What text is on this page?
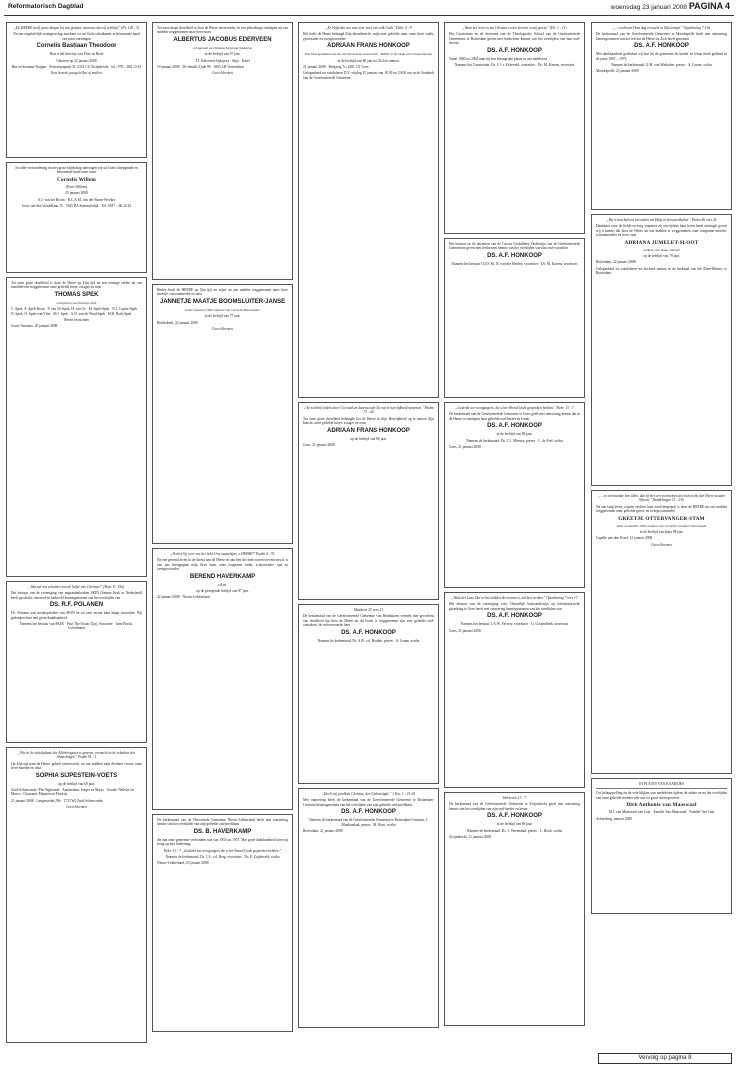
Reformatorisch Dagblad	woensdag 23 januari 2008 PAGINA 4

„De HEERE heeft grote dingen bij ons gedaan; daarom zijn wij verblijd." (Ps. 126 : 3)

Na een ongelofelijk zwangerschap mochten we uit Gods schatkamer in bewarende hand een zoon ontvangen

Cornelis Bastiaan Theodoor

Bart is het broertje van Elise en René

Geboren op 22 januari 2008

Bas en Suzanne Kuijper · Prinsessenpark 31, 3331 CZ Zwijndrecht · tel.: 078 – 682 13 81

Voor bezoek graag bellen of mailen.

In stille verwondering en met grote blijdschap ontvingen wij uit Gods scheppende en bewarende hand onze zoon

Cornelis Willem

(Kees Willem)

25 januari 2008

A.J. van der Boom · B.C.A.M. van der Boom-Preeker

Joost van den Vondellaan 15 · 3345 BA Sommelsdijk · Tel. 0187 – 66 32 42

Tot onze grote droefheid is door de Heere op Zijn tijd na een ernstige ziekte uit ons familieleven weggenomen onze geliefde broer, zwager en oom

THOMAS SPEK

echtgenoot van Pieuntje Slob

C. Spek, A. Spek-Boon · P. van Os-Spek, H. van Os · M. Spek-Spek · N.J. Copier-Spek · N. Spek, N. Spek-van Vliet · M.J. Spek · A.N. van de Wind-Spek · H.H. Both-Spek

Neven en nichten

Groot-Ammers, 20 januari 2008

„Wat zal ons scheiden van de liefde van Christus?" (Rom. 8 : 35a)

Het bestuur van de vereniging van migrantenkerken SKIN (Samen Kerk in Nederland) heeft geschokt, ontroerd en bedroefd kennisgenomen van het overlijden van

DS. R.F. POLANEN

Ds. Polanen was medeoprichter van SKIN en tot zeer recent haar lange voorzitter. Wij gedenken hem met grote dankbaarheid.

Namens het bestuur van SKIN · Paul The Owan Tjaij, Voorzitter · June Bocks, Coördinator

„Wie in de schuilplaats des Allerhoogsten is gezeten, vernacht in de schaduw des Almachtigen." Psalm 91 : 1

Op Zijn tijd nam de Heere, geheel onverwacht, uit ons midden mijn dierbare vrouw, onze lieve moeder en oma

SOPHIA SIJPESTEIN-VOETS

op de leeftijd van 68 jaar.

Zuid-Scharwoude: Piet Sijpestein · Amsterdam: Sieger en Marja · Gouda: Nelleke en Marco · Oostzaan: Maarten en Floortje

21 januari 2008 · Langeweide 29b · 1723 WJ Zuid-Scharwoude

Geen bloemen

Tot onze diepe droefheid is door de Heere onverwacht, in een plotselinge ontslapen uit ons midden weggenomen onze lieve man

ALBERTUS JACOBUS EDERVEEN

echtgenoot van Tatjana Ivanovna Sjalajeva

in de leeftijd van 57 jaar.

T.I. Ederveen-Sjalajeva · Anja · Karel

19 januari 2008 · De Smalle Zijde 88 · 3903 LR Veenendaal

Geen bloemen

Heden heeft de HEERE op Zijn tijd en wijze uit ons midden weggenomen onze lieve moeder, schoonmoeder en oma

JANNETJE MAATJE BOOMSLUITER-JANSE

sinds 9 januari 1969 weduwe van Cornelis Boomsluiter

in de leeftijd van 77 jaar.

Ridderkerk, 22 januari 2008

Geen bloemen

„Verhef Gij over ons het licht Uws aanschijns, o HEERE!" Psalm 4 : 7b

Na een gevend leven in de dienst aan de Heere en aan hen die hem waren toevertrouwd, is van ons heengegaan mijn lieve man, onze zorgzame vader, schoonvader, opa en overgrootvader

BEREND HAVERKAMP

v.d.m.

op de gezegende leeftijd van 87 jaar.

22 januari 2008 · Nieuw-Lekkerland

De kerkenraad van de Hervormde Gemeente Nieuw-Lekkerland heeft met ontroering kennis van het overlijden van zijn geliefde oud-predikant

DS. B. HAVERKAMP

die aan onze gemeente verbonden was van 1953 tot 1957. Met grote dankbaarheid zien wij terug op zijn bediening.

Hebr. 13 : 7 „Gedenkt uw voorgangers die u het Woord Gods gesproken hebben."

Namens de kerkenraad, Ds. J.A. v.d. Berg, voorzitter · Ds. P. Zuijdeveld, scriba

Nieuw-Lekkerland, 23 januari 2008

„Er blijft dan een rust over voor het volk Gods." Hebr. 4 : 9

Het heeft de Heere behaagd Zijn dienstknecht, mijn zeer geliefde man, onze lieve vader, grootvader en overgrootvader

ADRIAAN FRANS HONKOOP

Emeritus predikant van de Gereformeerde Gemeenten · Ridder in de Orde van Oranje-Nassau

in de leeftijd van 86 jaar tot Zich te nemen.

21 januari 2008 · Bergweg 7c, 4461 LX Goes

Gelegenheid tot condoleren D.V. vrijdag 25 januari van 18.30 tot 20.00 uur in de Sionkerk van de Gereformeerde Gemeente.

„Op zeld mij leiden door Uw raad en daarna zult Gij mij in heerlijkheid opnemen." Psalm 73 : 24

Tot onze grote droefheid behaagde het de Heere in Zijn Heerlijkheid op te nemen Zijn knecht, onze geliefde broer, zwager en oom

ADRIAAN FRANS HONKOOP

op de leeftijd van 86 jaar.

Goes, 21 januari 2008

Mattheüs 25 vers 21

De kerkenraad van de Gereformeerde Gemeente van Benthuizen vermelt met gevoelens van droefheid dat door de Heere uit dit leven is weggenomen zijn zeer geliefde oud-consulent, de welverwaarde heer

DS. A.F. HONKOOP

Namens de kerkenraad, Ds. A.B. v.d. Heiden, preses · A. Leune, scriba

„Doch wij predikén Christus, den Gekruisigde." 1 Kor. 1 : 23-24

Met ontroering heeft de kerkenraad van de Gereformeerde Gemeente te Rotterdam-Centrum kennisgenomen van het overlijden van zijn geliefde oud-predikant

DS. A.F. HONKOOP

Namens de kerkenraad van de Gereformeerde Gemeente te Rotterdam-Centrum, J. Blankendaal, preses · M. Boot, scriba

Rotterdam, 21 januari 2008

„Want het leven is mij Christus en het sterven is mij gewin." (Fil. 1 : 21)

Het Curatorium en de docenten van de Theologische School van de Gereformeerde Gemeenten te Rotterdam geven met leedwezen kennis van het overlijden van hun oud-docent

DS. A.F. HONKOOP

Vanaf 1960 tot 2002 nam hij een belangrijke plaats in ons midden in.

Namens het Curatorium: Ds. J.J. v. Eckeveld, voorzitter · Ds. M. Karens, secretaris

Het bestuur en de docenten van de Cursus Godsdienst Onderwijs van de Gereformeerde Gemeenten geven met leedwezen kennis van het overlijden van hun oud-voorzitter

DS. A.F. HONKOOP

Namens het bestuur CGO: Ds. B. van der Heiden, voorzitter · Ds. M. Karens, secretaris

„Gedenkt uw voorgangers, die u het Woord Gods gesproken hebben." Hebr. 13 : 7

De kerkenraad van de Gereformeerde Gemeente te Goes geeft met ontroering kennis dat in de Heere is ontslapen haar geliefde oud-herder en leraar

DS. A.F. HONKOOP

in de leeftijd van 86 jaar.

Namens de kerkenraad: Ds. C.J. Meeuse, preses · C. de Frel, scriba

Goes, 21 januari 2008

„Want het Lam, Dat in het midden des troons is, zal hen weiden." Openbaring 7 vers 17

Het bestuur van de vereniging voor Christelijk basisonderwijs op reformatorische grondslag te Goes heeft met ontroering kennisgenomen van het overlijden van

DS. A.F. HONKOOP

Namens het bestuur, J.A.W. Verwey, voorzitter · G. Geijtenbeek, secretaris

Goes, 21 januari 2008

Hebreeën 13 : 7

De kerkenraad van de Gereformeerde Gemeente te Zwijndrecht geeft met ontroering kennis van het overlijden van zijn oud-herder en leraar

DS. A.F. HONKOOP

in de leeftijd van 86 jaar.

Namens de kerkenraad, Ds. J. Verrendaal, preses · L. Rook, scriba

Zwijndrecht, 21 januari 2008

„... en dienen Hem dag en nacht in Zijn tempel." Openbaring 7:15a

De kerkenraad van de Gereformeerde Gemeente te Moerkapelle heeft met ontroering kennisgenomen van het feit dat de Heere tot Zich heeft genomen

DS. A.F. HONKOOP

Met dankbaarheid gedenken wij hoe hij de gemeente als herder en leraar heeft gediend in de jaren 1967 – 1975.

Namens de kerkenraad, G.M. van Winkelen, preses · A. Louter, scriba

Moerkapelle, 23 januari 2008

„Hij is krachteloos bevonden om Hulp in benauwdheden." Psalm 46 vers 2b

Dankbaar voor de liefde en zorg waarmee zij ons tijdens haar leven heeft omringd, geven wij u kennis dat door de Heere uit ons midden is weggenomen onze zorgzame moeder, schoonmoeder en lieve oma

ADRIANA JUMELET-SLOOT

weduwe van Janus Jumelet

op de leeftijd van 79 jaar.

Rotterdam, 22 januari 2008

Gelegenheid tot condoleren ná afscheid nemen in de kerkzaal van het Eben-Haëzer, te Rotterdam.

„... en vermaande hen allen, dat zij met een voornemen des harten bij den Heere zouden blijven." Handelingen 11 : 23b

Na een lang leven, waarin verdriet haar werd bespaard, is door de HEERE uit ons midden weggenomen onze geliefde groot- en overgrootmoeder

GREETJE OTTERVANGER-STAM

sinds 24 oktober 2005 weduwe van Cornelis Leendert Ottervanger

in de leeftijd van bijna 98 jaar.

Capelle aan den IJssel, 21 januari 2008

Geen bloemen

IN PLAATS VAN KAARTJES

Uw belangstelling en de vele blijken van medeleven tijdens de ziekte en na het overlijden van onze geliefde moeder zijn ons tot grote steun geweest.

Dirk Anthonie van Maaswaal

M.J. van Maaswaal-van Laar · Familie Van Maaswaal · Familie Van Laar

Achterberg, januari 2008

Vervolg op pagina 8
